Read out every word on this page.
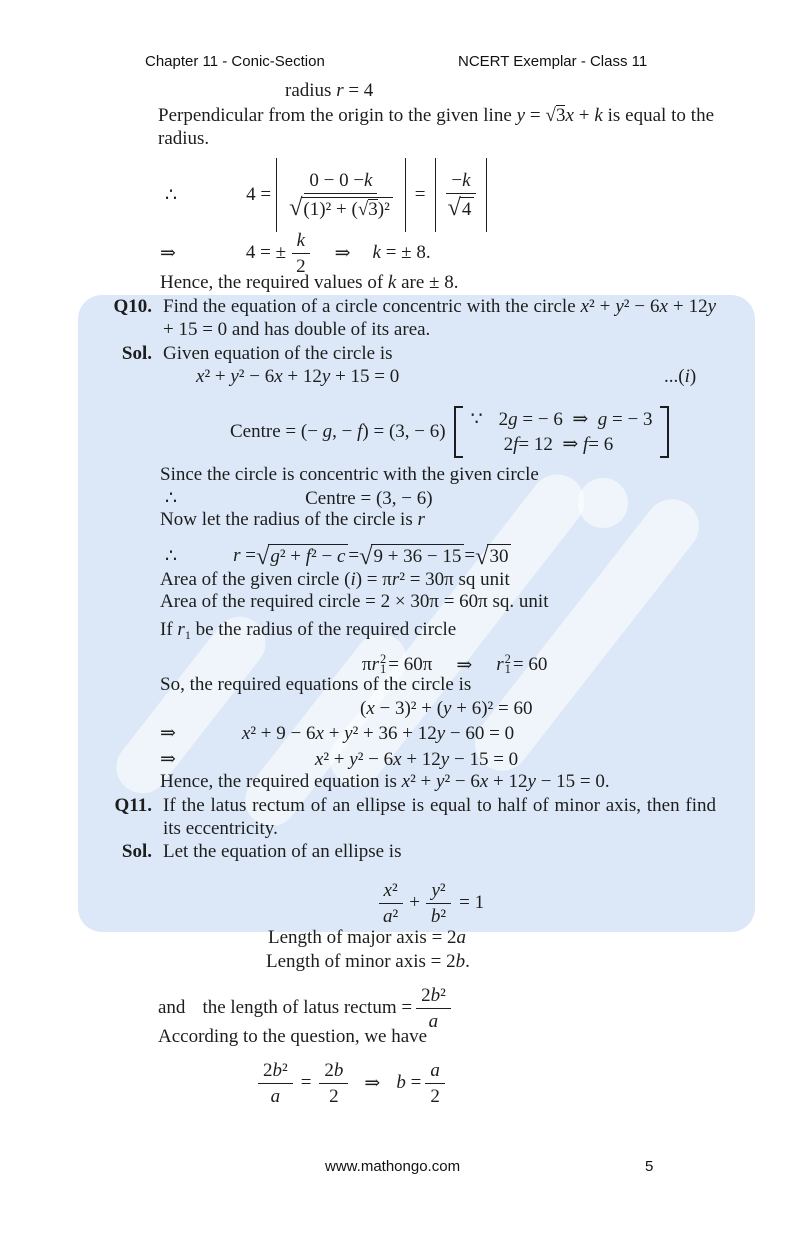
Chapter 11 - Conic-Section	NCERT Exemplar - Class 11
radius r = 4
Perpendicular from the origin to the given line y = √3x + k is equal to the radius.
∴	$4 = \frac{0 - 0 - k}{\text{√ (1)² + (√3)²}} = \frac{- k}{√ 4}$
⇒	4 = ± $\frac{k}{2}$ ⇒ k = ± 8.
Hence, the required values of k are ± 8.
Q10. Find the equation of a circle concentric with the circle x² + y² − 6x + 12y + 15 = 0 and has double of its area.
Sol. Given equation of the circle is
x² + y² − 6x + 12y + 15 = 0	...(i)
Centre = (− g, − f) = (3, − 6)
∵ 2g = − 6  ⇒  g = − 3
2 f = 12  ⇒ f = 6
Since the circle is concentric with the given circle
∴	Centre = (3, − 6)
Now let the radius of the circle is r
∴	r = √ g² + f² − c = √ 9 + 36 − 15 = √ 30
Area of the given circle (i) = πr² = 30π sq unit
Area of the required circle = 2 × 30π = 60π sq. unit
If $r_1$ be the radius of the required circle
πr 2
1 = 60π ⇒ r 2
1 = 60
So, the required equations of the circle is
(x − 3)² + (y + 6)² = 60
⇒	x² + 9 − 6x + y² + 36 + 12y − 60 = 0
⇒	x² + y² − 6x + 12y − 15 = 0
Hence, the required equation is x² + y² − 6x + 12y − 15 = 0.
Q11. If the latus rectum of an ellipse is equal to half of minor axis, then find its eccentricity.
Sol. Let the equation of an ellipse is
$\frac{\text{x ²}}{\text{a ²}} + \frac{\text{y ²}}{\text{b ²}} = 1$
Length of major axis = 2a
Length of minor axis = 2b.
and the length of latus rectum = $\frac{\text{2 b ²}}{a}$
According to the question, we have
$\frac{\text{2 b ²}}{a} = \frac{2 b}{2}$ ⇒ $b = \frac{a}{2}$
www.mathongo.com	5
